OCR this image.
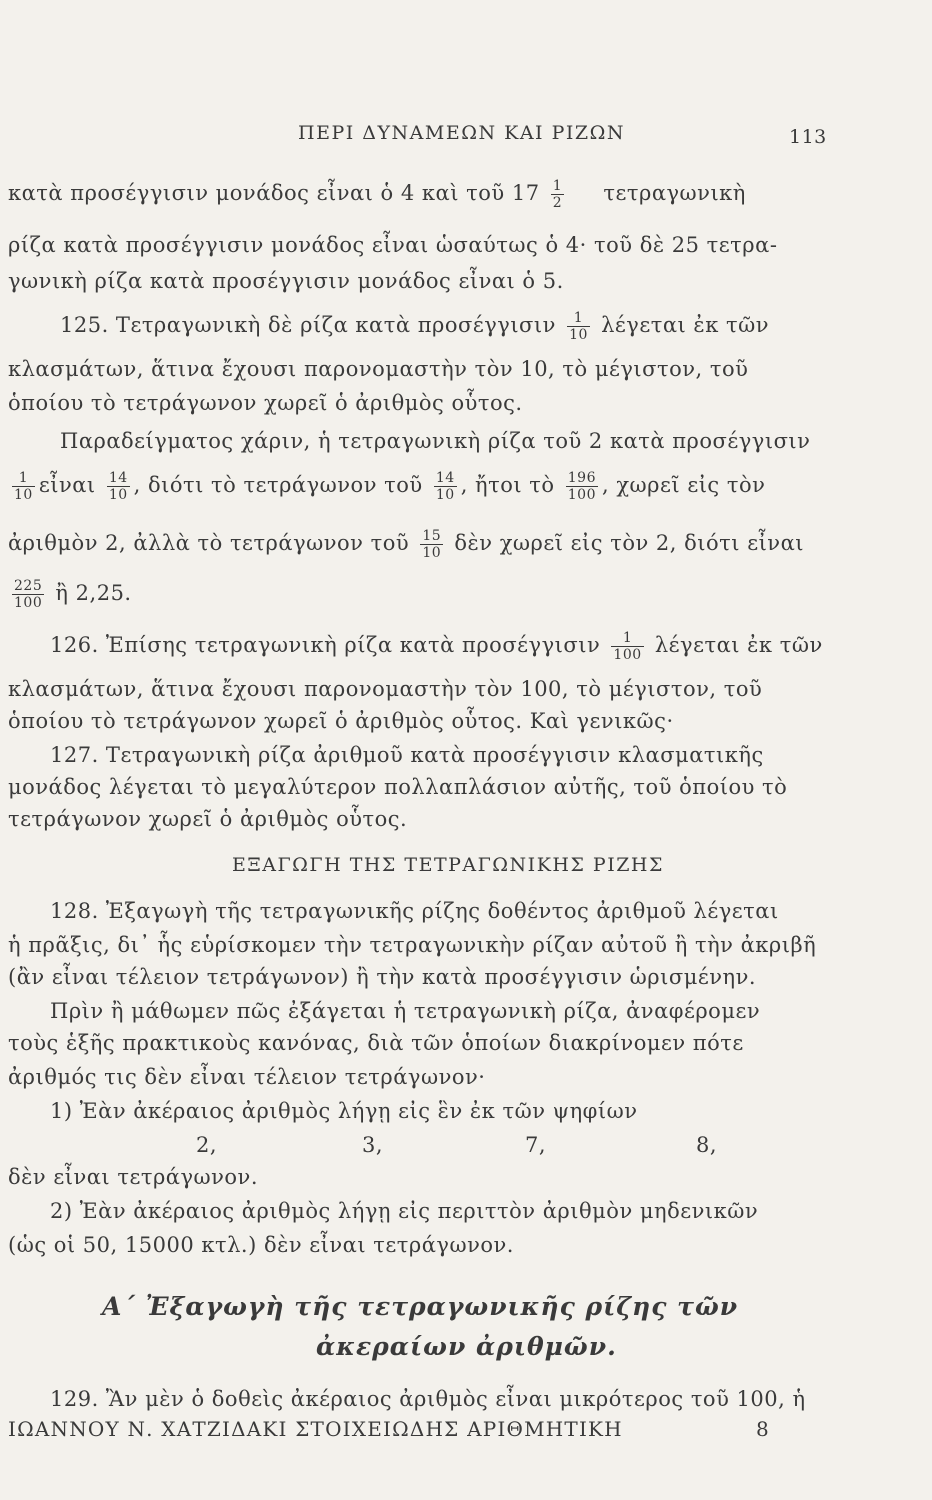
ΠΕΡΙ ΔΥΝΑΜΕΩΝ ΚΑΙ ΡΙΖΩΝ	113
κατὰ προσέγγισιν μονάδος εἶναι ὁ 4 καὶ τοῦ $17 \frac{1}{2}$ τετραγωνικὴ
ρίζα κατὰ προσέγγισιν μονάδος εἶναι ὡσαύτως ὁ 4· τοῦ δὲ 25 τετρα-
γωνικὴ ρίζα κατὰ προσέγγισιν μονάδος εἶναι ὁ 5.
125. Τετραγωνικὴ δὲ ρίζα κατὰ προσέγγισιν $\frac{1}{10}$ λέγεται ἐκ τῶν
κλασμάτων, ἅτινα ἔχουσι παρονομαστὴν τὸν 10, τὸ μέγιστον, τοῦ
ὁποίου τὸ τετράγωνον χωρεῖ ὁ ἀριθμὸς οὗτος.
Παραδείγματος χάριν, ἡ τετραγωνικὴ ρίζα τοῦ 2 κατὰ προσέγγισιν
$\frac{1}{10}$ εἶναι $\frac{14}{10}$ , διότι τὸ τετράγωνον τοῦ $\frac{14}{10}$ , ἤτοι τὸ $\frac{196}{100}$ , χωρεῖ εἰς τὸν
ἀριθμὸν 2, ἀλλὰ τὸ τετράγωνον τοῦ $\frac{15}{10}$ δὲν χωρεῖ εἰς τὸν 2, διότι εἶναι
$\frac{225}{100}$ ἢ 2,25.
126. Ἐπίσης τετραγωνικὴ ρίζα κατὰ προσέγγισιν $\frac{1}{100}$ λέγεται ἐκ τῶν
κλασμάτων, ἅτινα ἔχουσι παρονομαστὴν τὸν 100, τὸ μέγιστον, τοῦ
ὁποίου τὸ τετράγωνον χωρεῖ ὁ ἀριθμὸς οὗτος. Καὶ γενικῶς·
127. Τετραγωνικὴ ρίζα ἀριθμοῦ κατὰ προσέγγισιν κλασματικῆς
μονάδος λέγεται τὸ μεγαλύτερον πολλαπλάσιον αὐτῆς, τοῦ ὁποίου τὸ
τετράγωνον χωρεῖ ὁ ἀριθμὸς οὗτος.
ΕΞΑΓΩΓΗ ΤΗΣ ΤΕΤΡΑΓΩΝΙΚΗΣ ΡΙΖΗΣ
128. Ἐξαγωγὴ τῆς τετραγωνικῆς ρίζης δοθέντος ἀριθμοῦ λέγεται
ἡ πρᾶξις, δι᾽ ἧς εὑρίσκομεν τὴν τετραγωνικὴν ρίζαν αὐτοῦ ἢ τὴν ἀκριβῆ
(ἂν εἶναι τέλειον τετράγωνον) ἢ τὴν κατὰ προσέγγισιν ὡρισμένην.
Πρὶν ἢ μάθωμεν πῶς ἐξάγεται ἡ τετραγωνικὴ ρίζα, ἀναφέρομεν
τοὺς ἑξῆς πρακτικοὺς κανόνας, διὰ τῶν ὁποίων διακρίνομεν πότε
ἀριθμός τις δὲν εἶναι τέλειον τετράγωνον·
1) Ἐὰν ἀκέραιος ἀριθμὸς λήγῃ εἰς ἓν ἐκ τῶν ψηφίων
2,	3,	7,	8,
δὲν εἶναι τετράγωνον.
2) Ἐὰν ἀκέραιος ἀριθμὸς λήγῃ εἰς περιττὸν ἀριθμὸν μηδενικῶν
(ὡς οἱ 50, 15000 κτλ.) δὲν εἶναι τετράγωνον.
Α´ Ἐξαγωγὴ τῆς τετραγωνικῆς ρίζης τῶν
ἀκεραίων ἀριθμῶν.
129. Ἂν μὲν ὁ δοθεὶς ἀκέραιος ἀριθμὸς εἶναι μικρότερος τοῦ 100, ἡ
ΙΩΑΝΝΟΥ Ν. ΧΑΤΖΙΔΑΚΙ ΣΤΟΙΧΕΙΩΔΗΣ ΑΡΙΘΜΗΤΙΚΗ	8
